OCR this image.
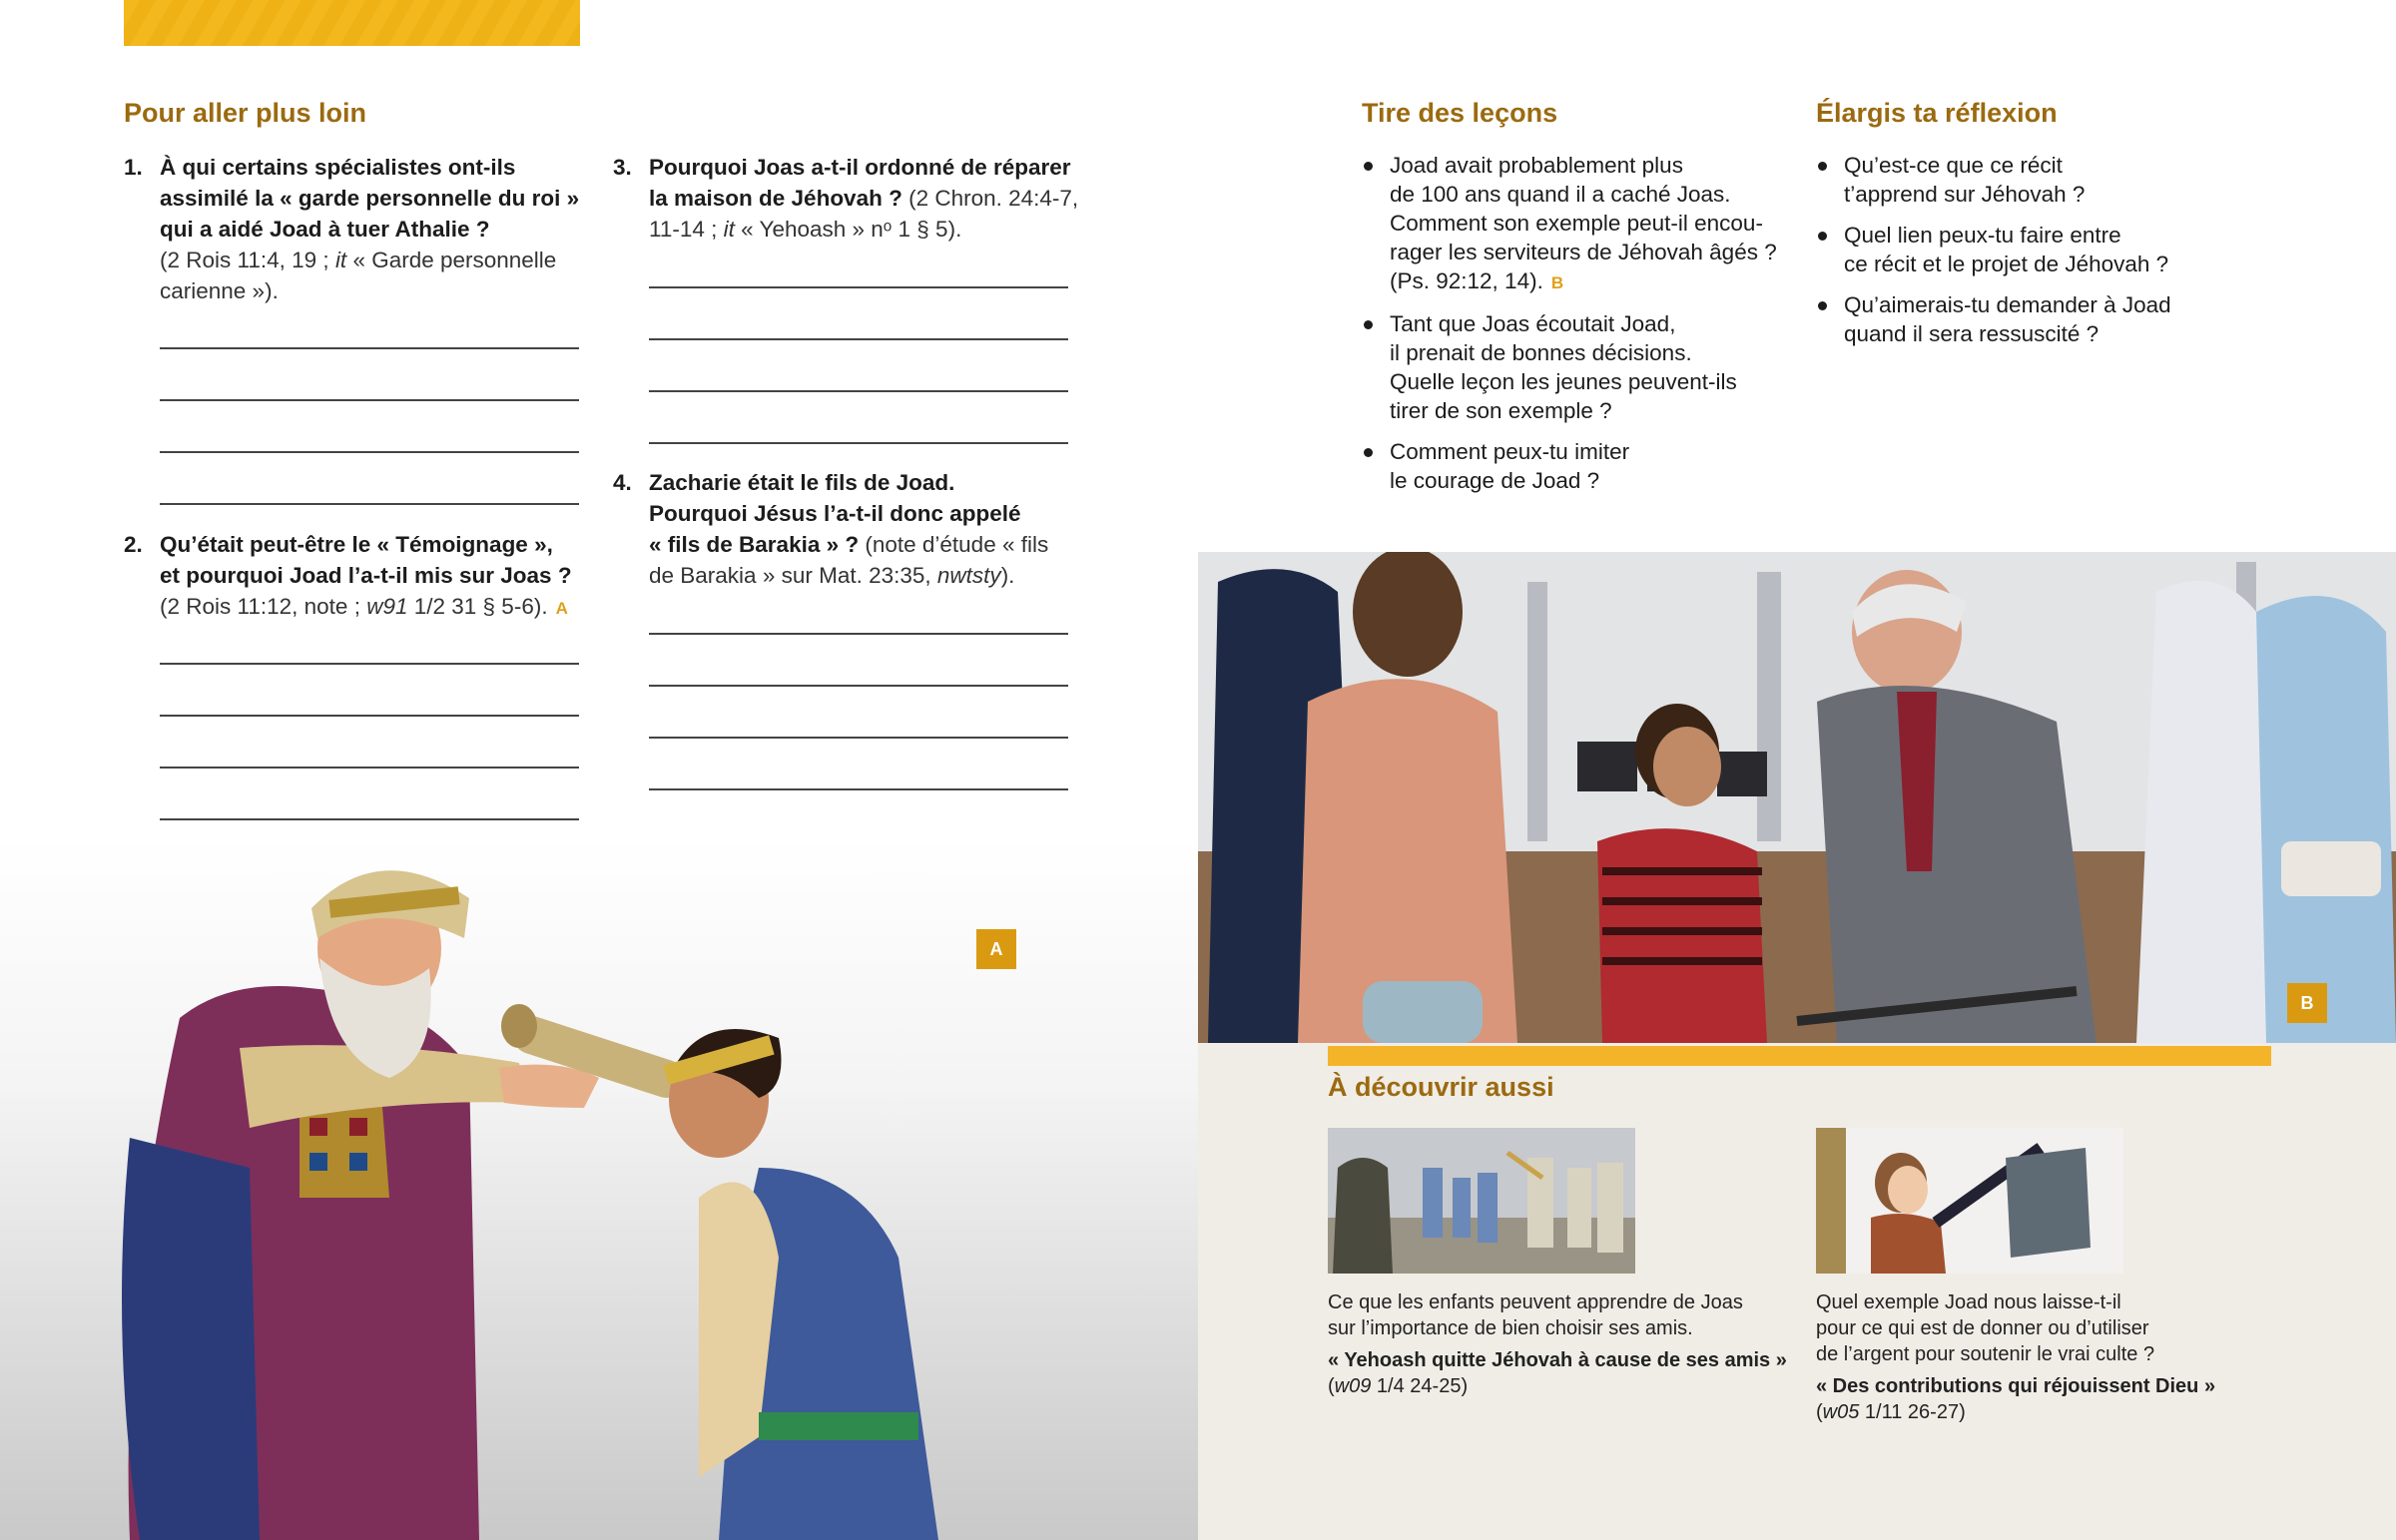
Pour aller plus loin
1. À qui certains spécialistes ont-ils
assimilé la « garde personnelle du roi »
qui a aidé Joad à tuer Athalie ?
(2 Rois 11:4, 19 ; it « Garde personnelle
carienne »).
2. Qu’était peut-être le « Témoignage »,
et pourquoi Joad l’a-t-il mis sur Joas ?
(2 Rois 11:12, note ; w91 1/2 31 § 5-6). A
3. Pourquoi Joas a-t-il ordonné de réparer
la maison de Jéhovah ? (2 Chron. 24:4-7,
11-14 ; it « Yehoash » nᵒ 1 § 5).
4. Zacharie était le fils de Joad.
Pourquoi Jésus l’a-t-il donc appelé
« fils de Barakia » ? (note d’étude « fils
de Barakia » sur Mat. 23:35, nwtsty).
A
Tire des leçons
Joad avait probablement plus
de 100 ans quand il a caché Joas.
Comment son exemple peut-il encou-
rager les serviteurs de Jéhovah âgés ?
(Ps. 92:12, 14). B
Tant que Joas écoutait Joad,
il prenait de bonnes décisions.
Quelle leçon les jeunes peuvent-ils
tirer de son exemple ?
Comment peux-tu imiter
le courage de Joad ?
Élargis ta réflexion
Qu’est-ce que ce récit
t’apprend sur Jéhovah ?
Quel lien peux-tu faire entre
ce récit et le projet de Jéhovah ?
Qu’aimerais-tu demander à Joad
quand il sera ressuscité ?
B
À découvrir aussi
Ce que les enfants peuvent apprendre de Joas
sur l’importance de bien choisir ses amis.
« Yehoash quitte Jéhovah à cause de ses amis »
(w09 1/4 24-25)
Quel exemple Joad nous laisse-t-il
pour ce qui est de donner ou d’utiliser
de l’argent pour soutenir le vrai culte ?
« Des contributions qui réjouissent Dieu »
(w05 1/11 26-27)
